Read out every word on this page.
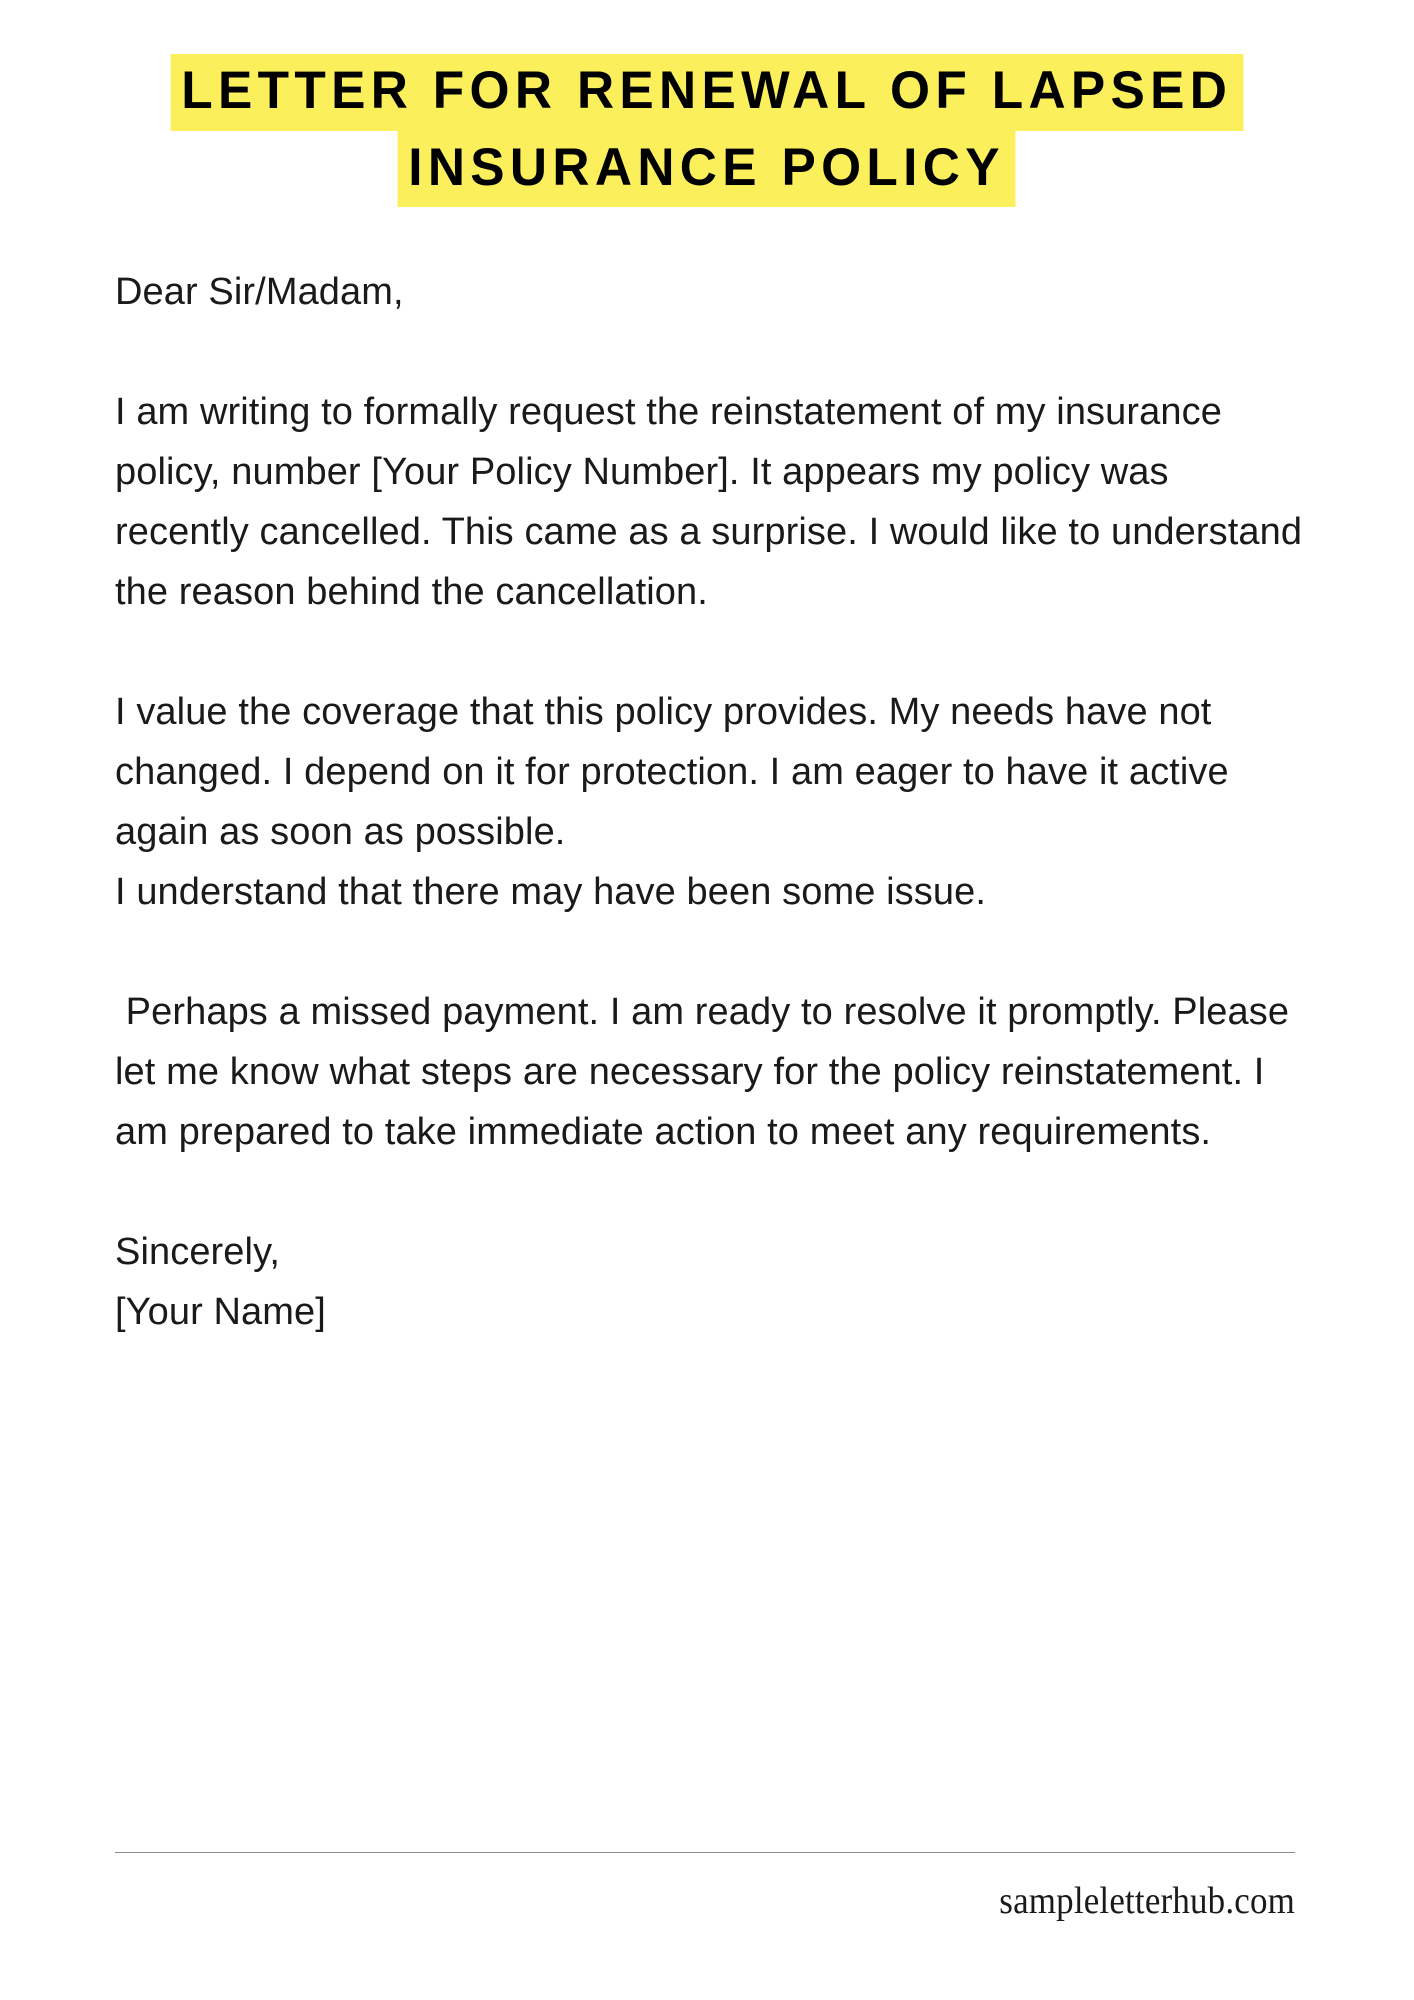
LETTER FOR RENEWAL OF LAPSED
INSURANCE POLICY

Dear Sir/Madam,

I am writing to formally request the reinstatement of my insurance policy, number [Your Policy Number]. It appears my policy was recently cancelled. This came as a surprise. I would like to understand the reason behind the cancellation.

I value the coverage that this policy provides. My needs have not changed. I depend on it for protection. I am eager to have it active again as soon as possible.

I understand that there may have been some issue.

Perhaps a missed payment. I am ready to resolve it promptly. Please let me know what steps are necessary for the policy reinstatement. I am prepared to take immediate action to meet any requirements.

Sincerely,

[Your Name]

sampleletterhub.com
